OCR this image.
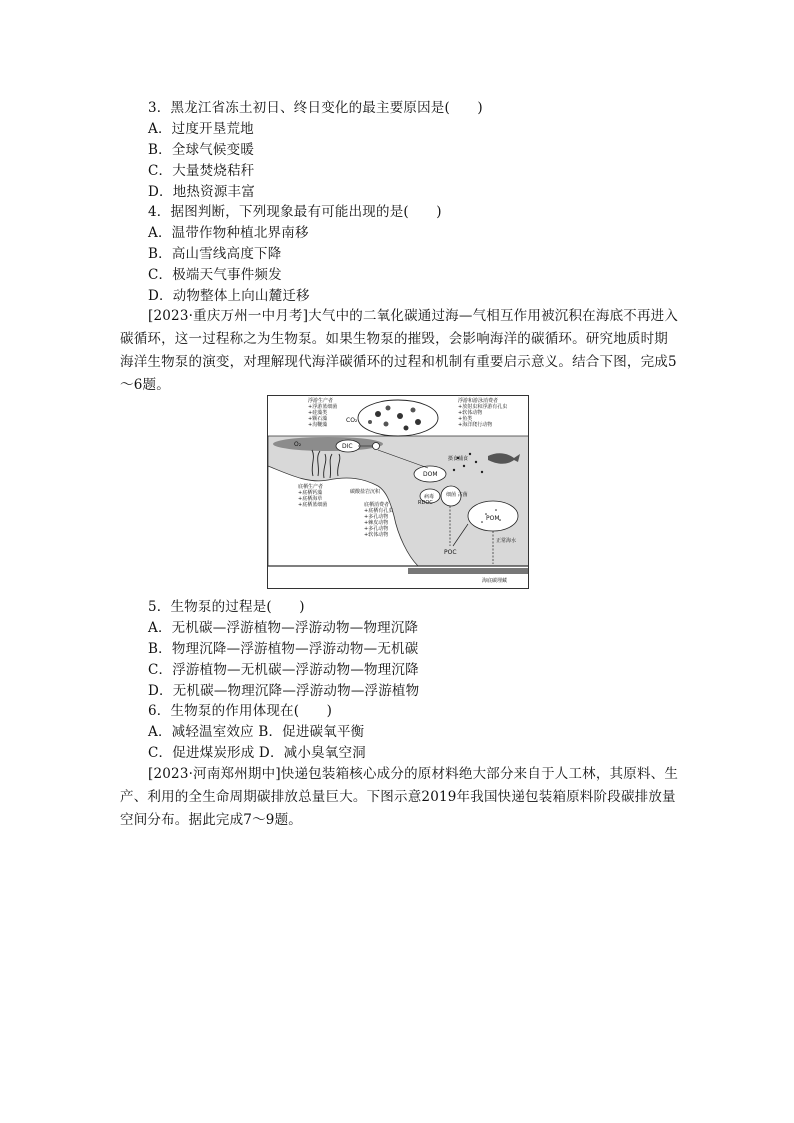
3．黑龙江省冻土初日、终日变化的最主要原因是(　　)
A．过度开垦荒地
B．全球气候变暖
C．大量焚烧秸秆
D．地热资源丰富
4．据图判断，下列现象最有可能出现的是(　　)
A．温带作物种植北界南移
B．高山雪线高度下降
C．极端天气事件频发
D．动物整体上向山麓迁移
[2023·重庆万州一中月考]大气中的二氧化碳通过海—气相互作用被沉积在海底不再进入碳循环，这一过程称之为生物泵。如果生物泵的摧毁，会影响海洋的碳循环。研究地质时期海洋生物泵的演变，对理解现代海洋碳循环的过程和机制有重要启示意义。结合下图，完成5～6题。
浮游生产者
+浮游蓝细菌
+硅藻类
+颗石藻
+沟鞭藻
浮游和游泳消费者
+放射虫和浮游有孔虫
+软体动物
+鱼类
+海洋爬行动物
CO₂
O₂	DIC
DOM
病毒 细菌 古菌
RDOC
POM
POC
摄食捕食
底栖生产者
+底栖钙藻
+底栖海草
+底栖蓝细菌
碳酸盐岩沉积
底栖消费者
+底栖有孔虫
+多孔动物
+棘皮动物
+多孔动物
+软体动物
正常海水
海底碳埋藏
5．生物泵的过程是(　　)
A．无机碳—浮游植物—浮游动物—物理沉降
B．物理沉降—浮游植物—浮游动物—无机碳
C．浮游植物—无机碳—浮游动物—物理沉降
D．无机碳—物理沉降—浮游动物—浮游植物
6．生物泵的作用体现在(　　)
A．减轻温室效应 B．促进碳氧平衡
C．促进煤炭形成 D．减小臭氧空洞
[2023·河南郑州期中]快递包装箱核心成分的原材料绝大部分来自于人工林，其原料、生产、利用的全生命周期碳排放总量巨大。下图示意2019年我国快递包装箱原料阶段碳排放量空间分布。据此完成7～9题。
